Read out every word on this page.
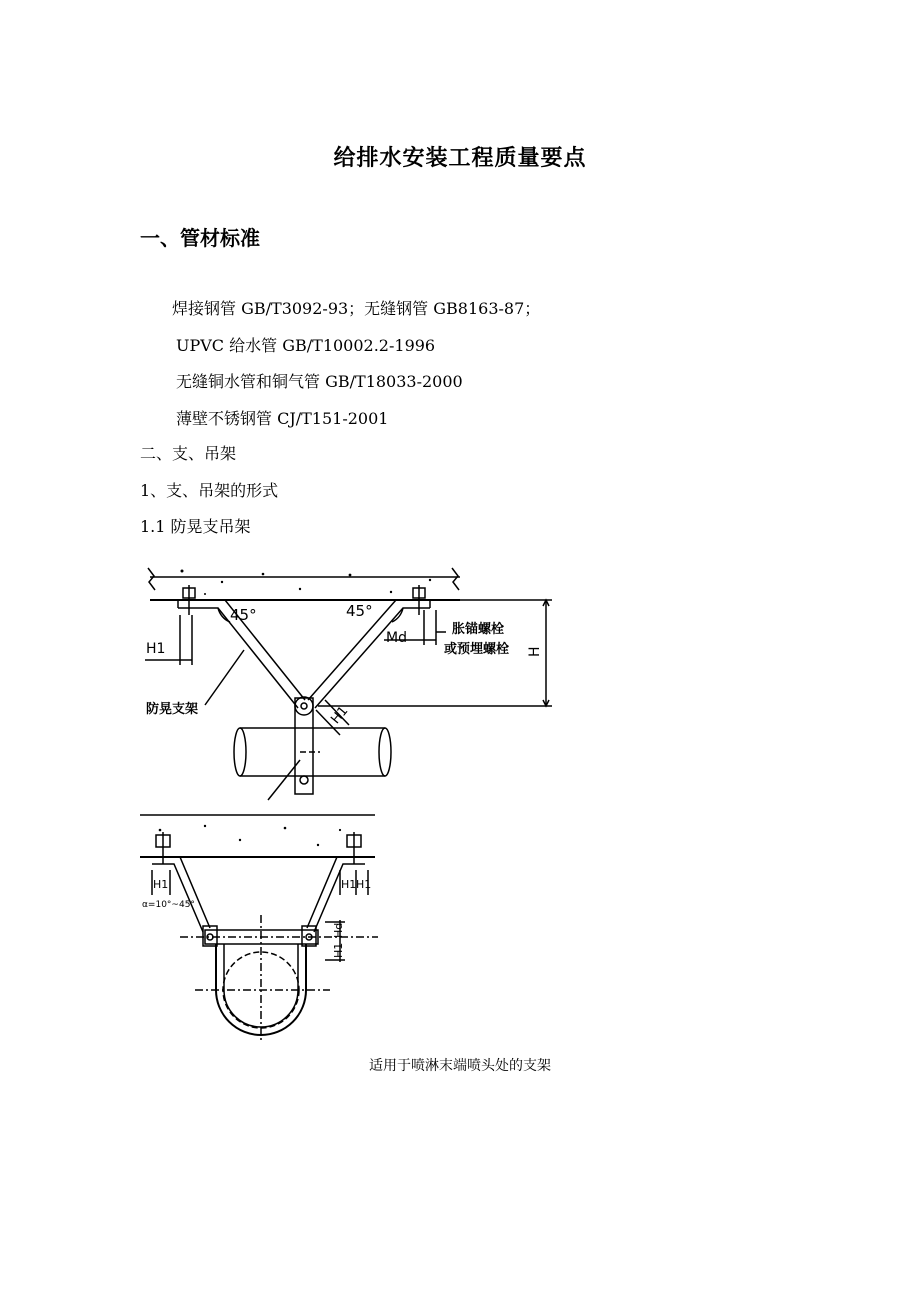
给排水安装工程质量要点
一、管材标准
焊接钢管 GB/T3092-93；无缝钢管 GB8163-87；
UPVC 给水管 GB/T10002.2-1996
无缝铜水管和铜气管 GB/T18033-2000
薄壁不锈钢管 CJ/T151-2001
二、支、吊架
1、支、吊架的形式
1.1 防晃支吊架
45°	45°
H1
Md
胀锚螺栓
或预埋螺栓 H
防晃支架	H1
H1	H1 H1
α=10°~45°
Hd
H1
适用于喷淋末端喷头处的支架
